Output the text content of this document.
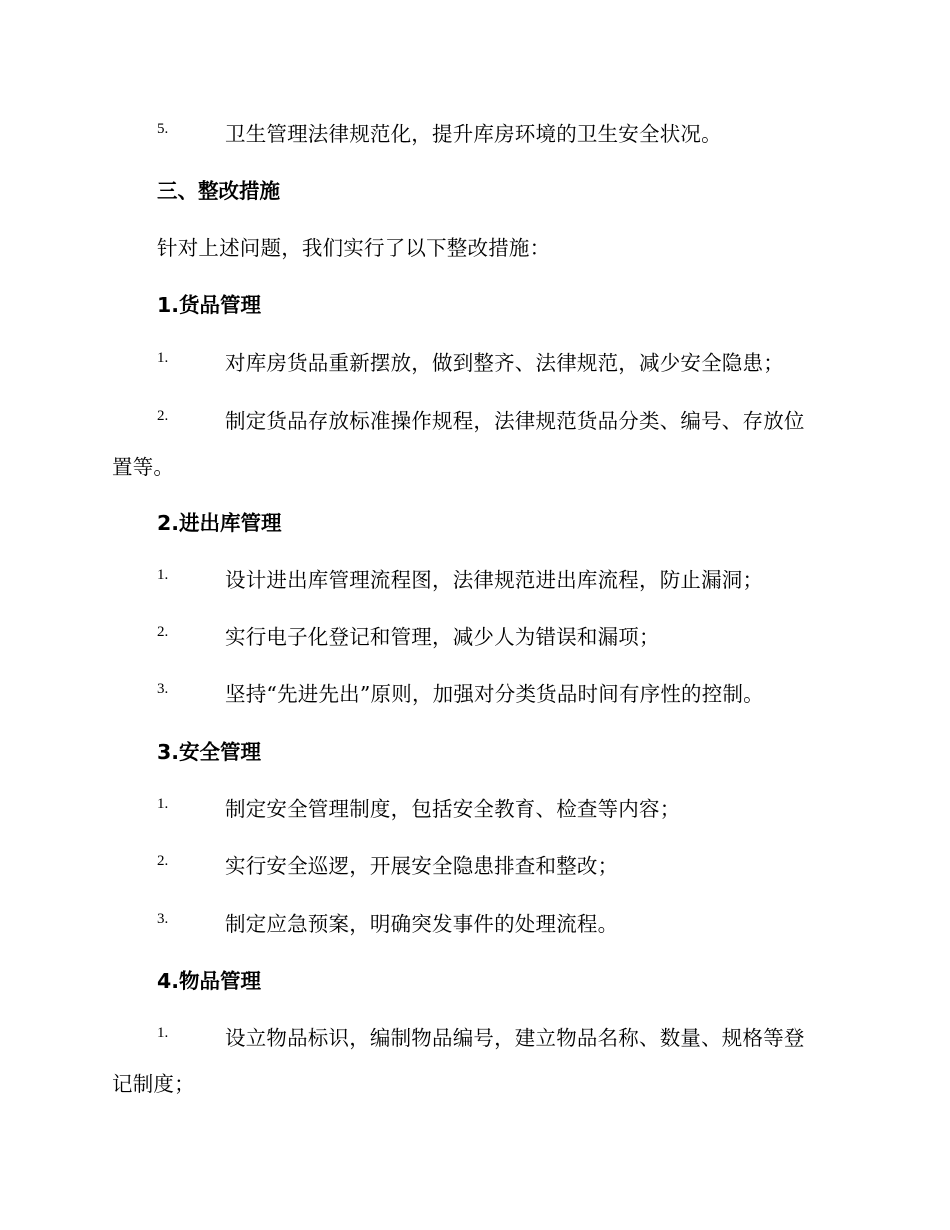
5.	卫生管理法律规范化，提升库房环境的卫生安全状况。
三、整改措施
针对上述问题，我们实行了以下整改措施：
1.货品管理
1.	对库房货品重新摆放，做到整齐、法律规范，减少安全隐患；
2.	制定货品存放标准操作规程，法律规范货品分类、编号、存放位
置等。
2.进出库管理
1.	设计进出库管理流程图，法律规范进出库流程，防止漏洞；
2.	实行电子化登记和管理，减少人为错误和漏项；
3.	坚持“先进先出”原则，加强对分类货品时间有序性的控制。
3.安全管理
1.	制定安全管理制度，包括安全教育、检查等内容；
2.	实行安全巡逻，开展安全隐患排查和整改；
3.	制定应急预案，明确突发事件的处理流程。
4.物品管理
1.	设立物品标识，编制物品编号，建立物品名称、数量、规格等登
记制度；
